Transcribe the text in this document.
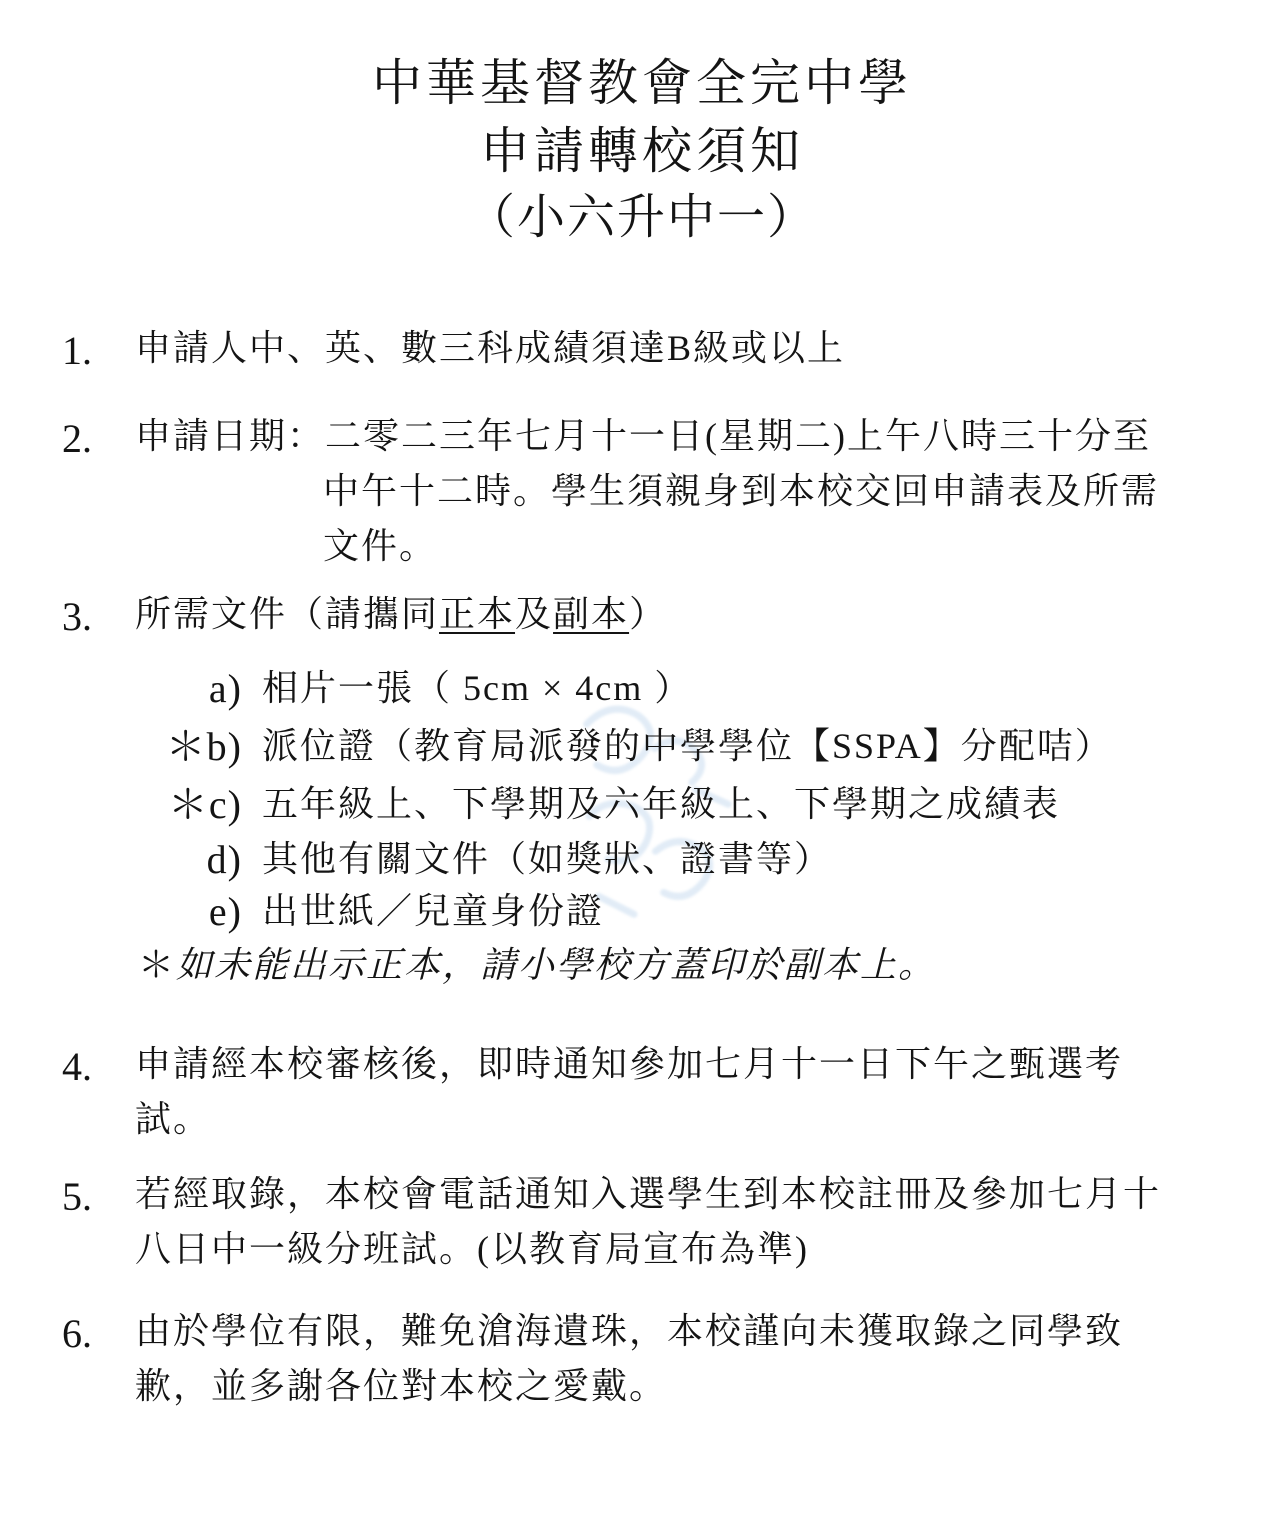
中華基督教會全完中學
申請轉校須知
（小六升中一）
1. 申請人中、英、數三科成績須達B級或以上
2. 申請日期：二零二三年七月十一日(星期二)上午八時三十分至
中午十二時。學生須親身到本校交回申請表及所需
文件。
3. 所需文件（請攜同正本及副本）
a) 相片一張（ 5cm × 4cm ）
＊b) 派位證（教育局派發的中學學位【SSPA】分配咭）
＊c) 五年級上、下學期及六年級上、下學期之成績表
d) 其他有關文件（如獎狀、證書等）
e) 出世紙／兒童身份證
＊如未能出示正本，請小學校方蓋印於副本上。
4. 申請經本校審核後，即時通知參加七月十一日下午之甄選考
試。
5. 若經取錄，本校會電話通知入選學生到本校註冊及參加七月十
八日中一級分班試。(以教育局宣布為準)
6. 由於學位有限，難免滄海遺珠，本校謹向未獲取錄之同學致
歉，並多謝各位對本校之愛戴。
